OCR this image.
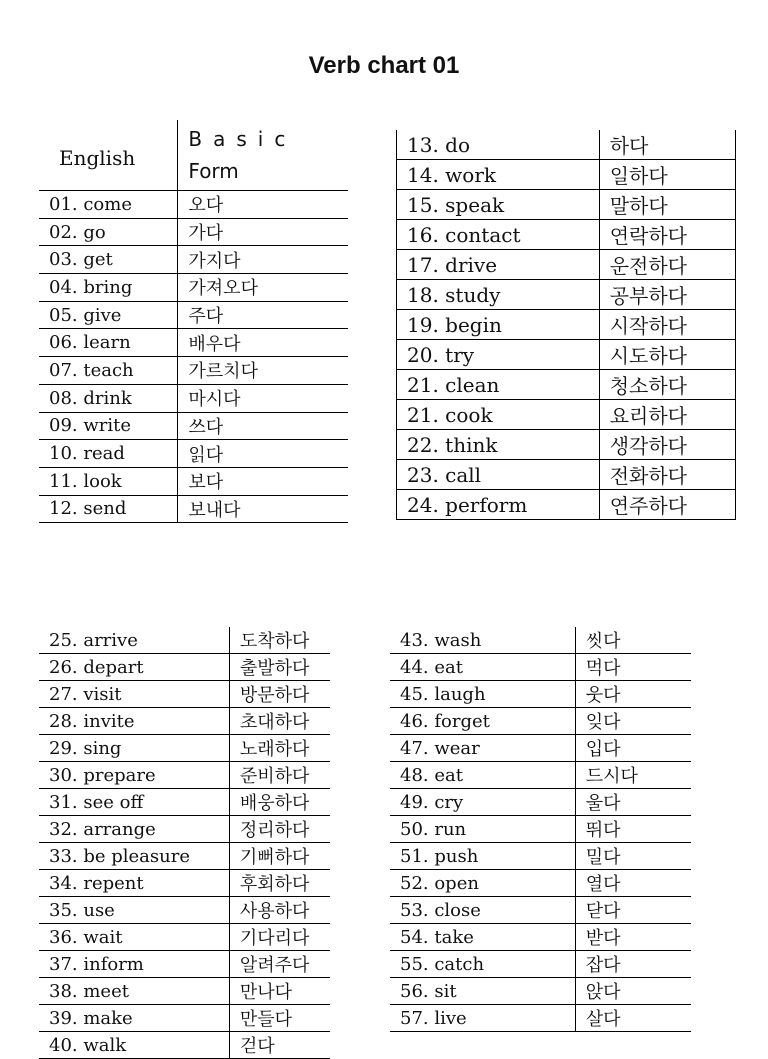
Verb chart 01
English	Basic
Form

01. come	오다
02. go	가다
03. get	가지다
04. bring	가져오다
05. give	주다
06. learn	배우다
07. teach	가르치다
08. drink	마시다
09. write	쓰다
10. read	읽다
11. look	보다
12. send	보내다
13. do	하다
14. work	일하다
15. speak	말하다
16. contact	연락하다
17. drive	운전하다
18. study	공부하다
19. begin	시작하다
20. try	시도하다
21. clean	청소하다
21. cook	요리하다
22. think	생각하다
23. call	전화하다
24. perform	연주하다
25. arrive	도착하다
26. depart	출발하다
27. visit	방문하다
28. invite	초대하다
29. sing	노래하다
30. prepare	준비하다
31. see off	배웅하다
32. arrange	정리하다
33. be pleasure	기뻐하다
34. repent	후회하다
35. use	사용하다
36. wait	기다리다
37. inform	알려주다
38. meet	만나다
39. make	만들다
40. walk	걷다
43. wash	씻다
44. eat	먹다
45. laugh	웃다
46. forget	잊다
47. wear	입다
48. eat	드시다
49. cry	울다
50. run	뛰다
51. push	밀다
52. open	열다
53. close	닫다
54. take	받다
55. catch	잡다
56. sit	앉다
57. live	살다
